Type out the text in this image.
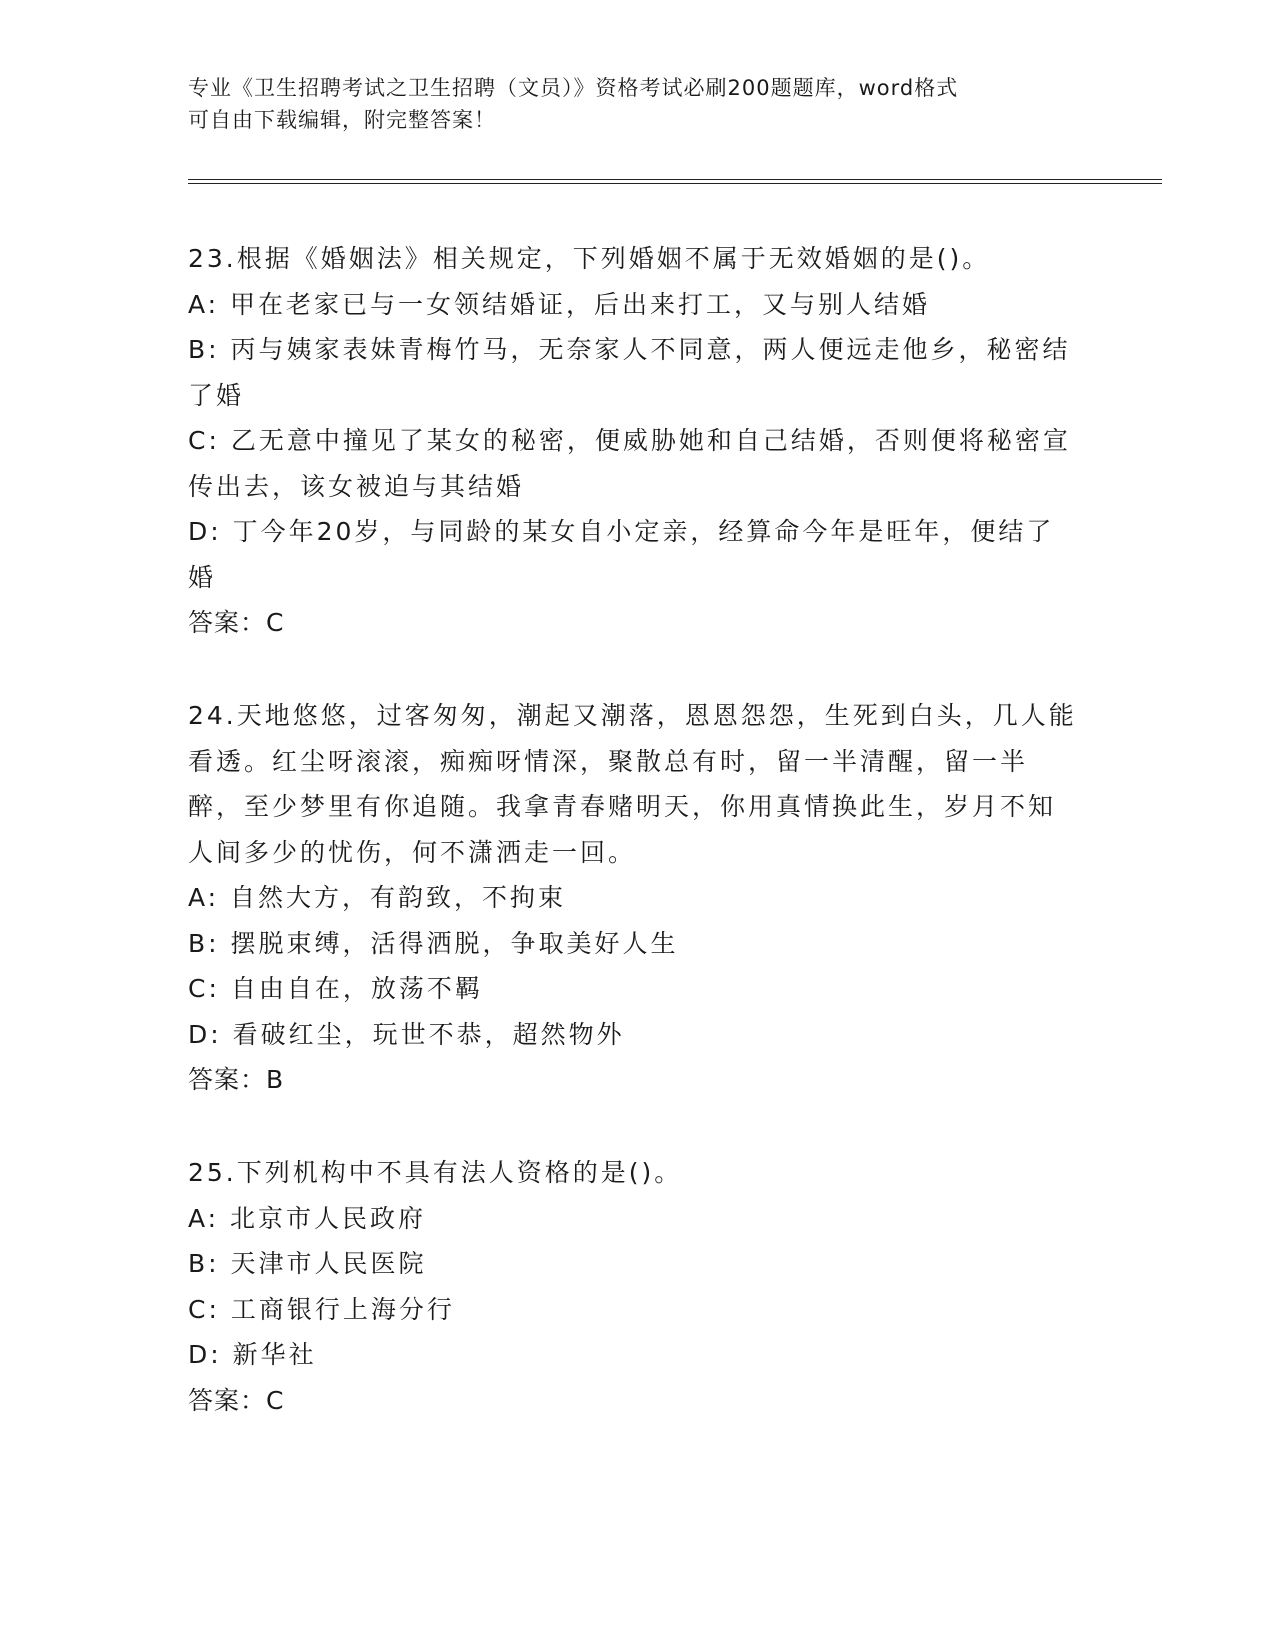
专业《卫生招聘考试之卫生招聘（文员）》资格考试必刷200题题库，word格式
可自由下载编辑，附完整答案！
23.根据《婚姻法》相关规定，下列婚姻不属于无效婚姻的是()。
A: 甲在老家已与一女领结婚证，后出来打工，又与别人结婚
B: 丙与姨家表妹青梅竹马，无奈家人不同意，两人便远走他乡，秘密结了婚
C: 乙无意中撞见了某女的秘密，便威胁她和自己结婚，否则便将秘密宣传出去，该女被迫与其结婚
D: 丁今年20岁，与同龄的某女自小定亲，经算命今年是旺年，便结了婚
答案：C
24.天地悠悠，过客匆匆，潮起又潮落，恩恩怨怨，生死到白头，几人能看透。红尘呀滚滚，痴痴呀情深，聚散总有时，留一半清醒，留一半醉，至少梦里有你追随。我拿青春赌明天，你用真情换此生，岁月不知人间多少的忧伤，何不潇洒走一回。
A: 自然大方，有韵致，不拘束
B: 摆脱束缚，活得洒脱，争取美好人生
C: 自由自在，放荡不羁
D: 看破红尘，玩世不恭，超然物外
答案：B
25.下列机构中不具有法人资格的是()。
A: 北京市人民政府
B: 天津市人民医院
C: 工商银行上海分行
D: 新华社
答案：C
